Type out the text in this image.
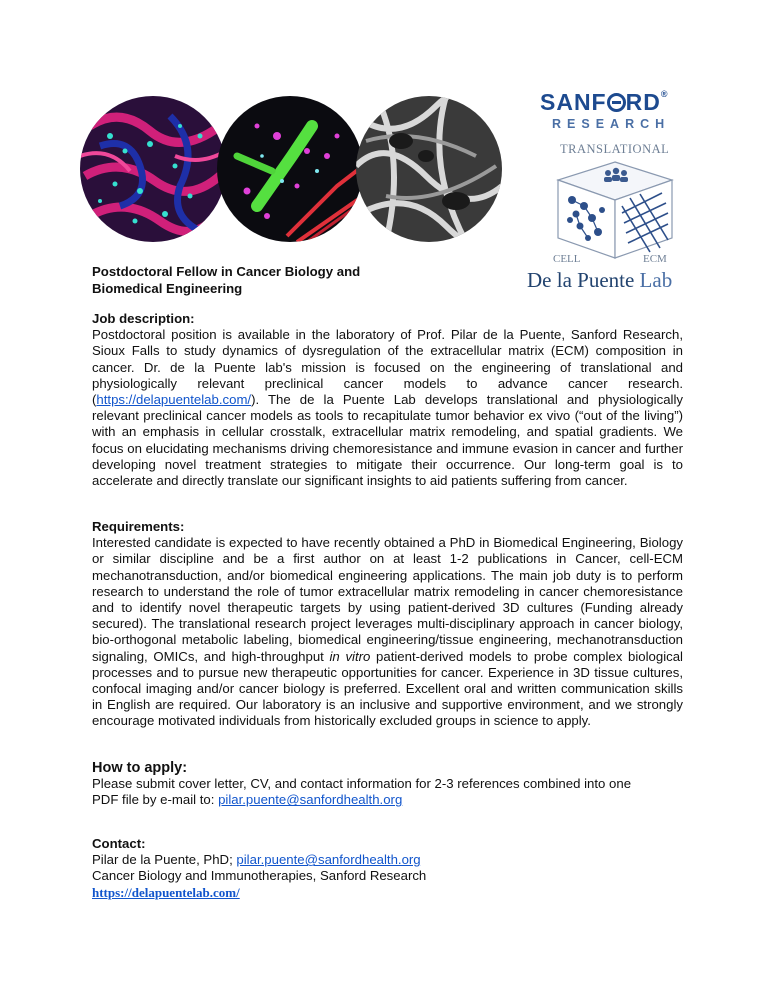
SANF RD®
RESEARCH
TRANSLATIONAL
CELL	ECM
De la Puente Lab
Postdoctoral Fellow in Cancer Biology and
Biomedical Engineering
Job description:

Postdoctoral position is available in the laboratory of Prof. Pilar de la Puente, Sanford Research, Sioux Falls to study dynamics of dysregulation of the extracellular matrix (ECM) composition in cancer. Dr. de la Puente lab's mission is focused on the engineering of translational and physiologically relevant preclinical cancer models to advance cancer research. (https://delapuentelab.com/). The de la Puente Lab develops translational and physiologically relevant preclinical cancer models as tools to recapitulate tumor behavior ex vivo (“out of the living”) with an emphasis in cellular crosstalk, extracellular matrix remodeling, and spatial gradients. We focus on elucidating mechanisms driving chemoresistance and immune evasion in cancer and further developing novel treatment strategies to mitigate their occurrence. Our long-term goal is to accelerate and directly translate our significant insights to aid patients suffering from cancer.

Requirements:

Interested candidate is expected to have recently obtained a PhD in Biomedical Engineering, Biology or similar discipline and be a first author on at least 1-2 publications in Cancer, cell-ECM mechanotransduction, and/or biomedical engineering applications. The main job duty is to perform research to understand the role of tumor extracellular matrix remodeling in cancer chemoresistance and to identify novel therapeutic targets by using patient-derived 3D cultures (Funding already secured). The translational research project leverages multi-disciplinary approach in cancer biology, bio-orthogonal metabolic labeling, biomedical engineering/tissue engineering, mechanotransduction signaling, OMICs, and high-throughput in vitro patient-derived models to probe complex biological processes and to pursue new therapeutic opportunities for cancer. Experience in 3D tissue cultures, confocal imaging and/or cancer biology is preferred. Excellent oral and written communication skills in English are required. Our laboratory is an inclusive and supportive environment, and we strongly encourage motivated individuals from historically excluded groups in science to apply.

How to apply:
Please submit cover letter, CV, and contact information for 2-3 references combined into one
PDF file by e-mail to: pilar.puente@sanfordhealth.org
Contact:
Pilar de la Puente, PhD; pilar.puente@sanfordhealth.org
Cancer Biology and Immunotherapies, Sanford Research
https://delapuentelab.com/
